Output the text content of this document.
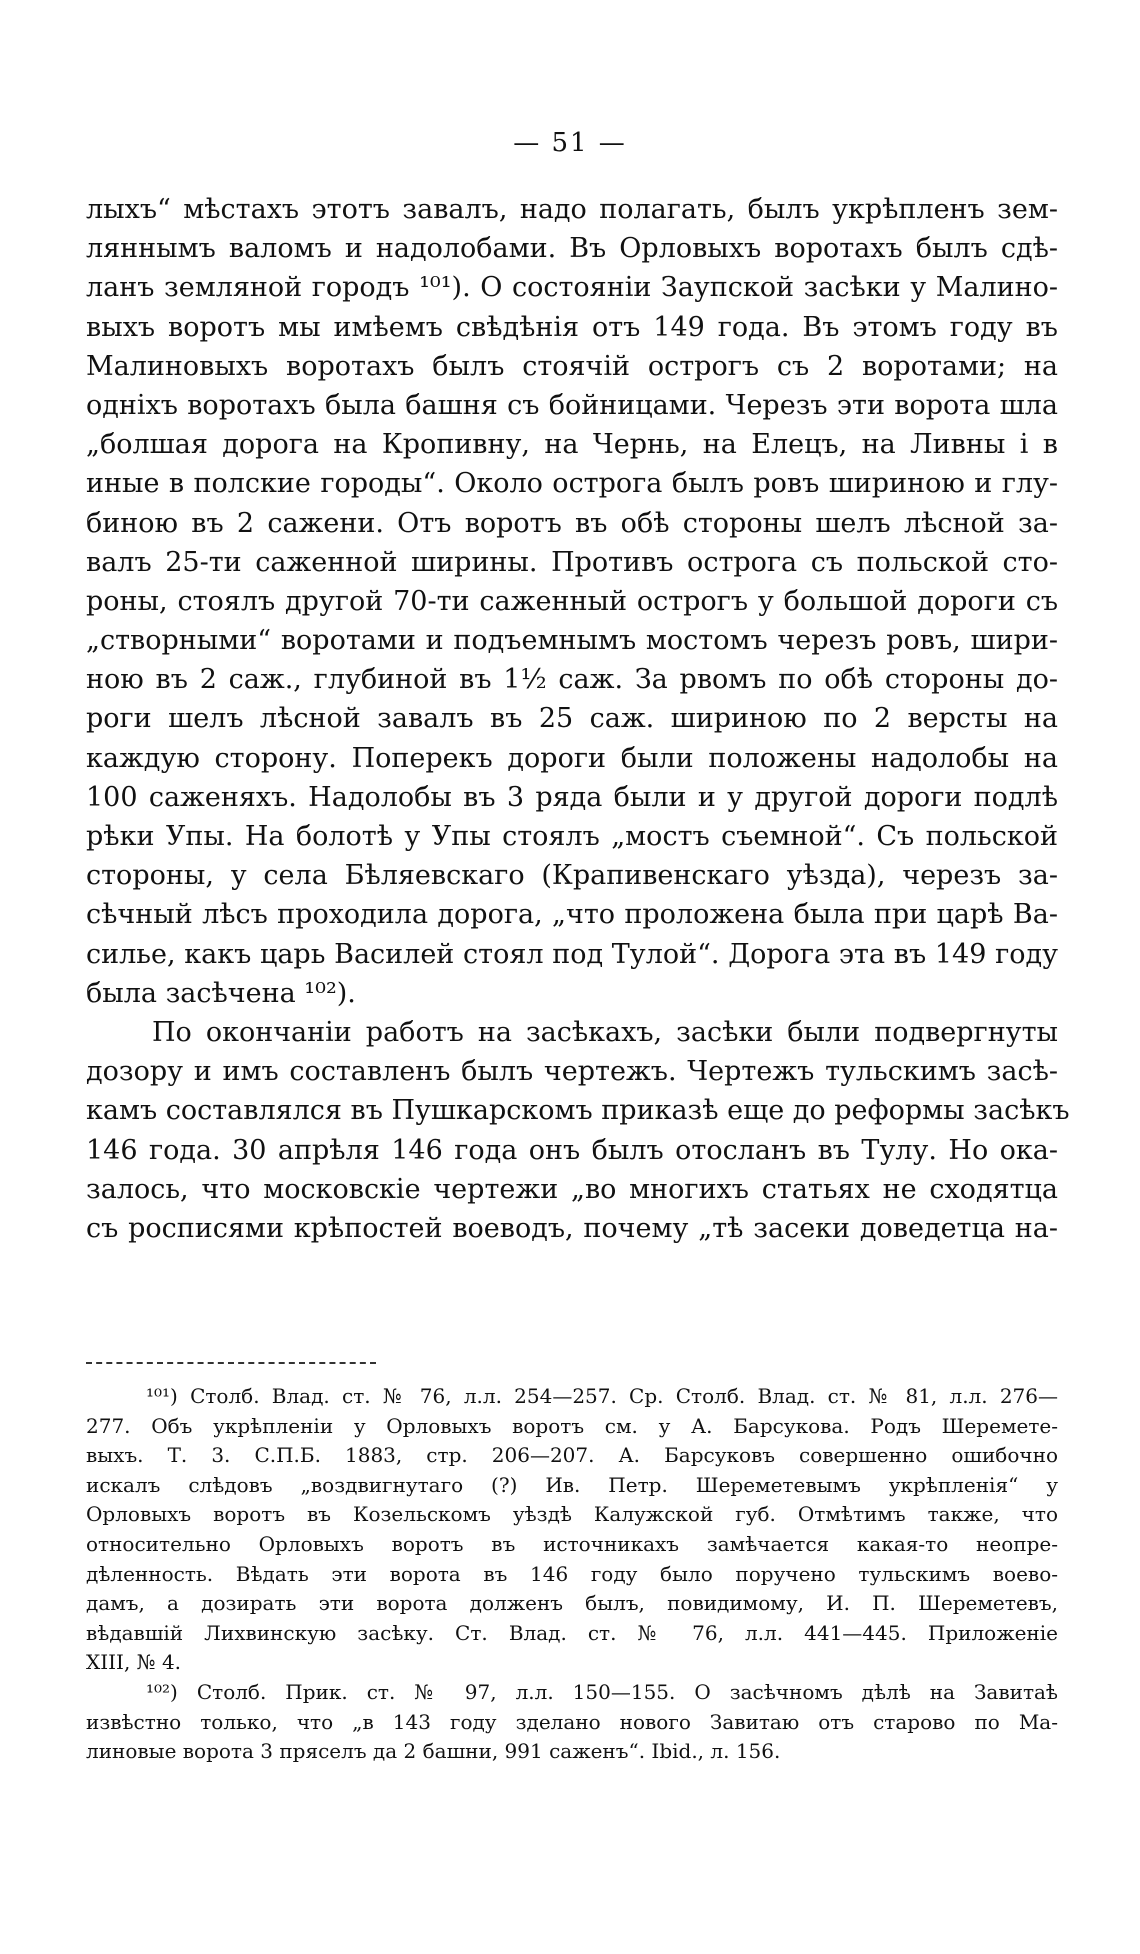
— 51 —
лыхъ“ мѣстахъ этотъ завалъ, надо полагать, былъ укрѣпленъ зем-
ляннымъ валомъ и надолобами. Въ Орловыхъ воротахъ былъ сдѣ-
ланъ земляной городъ ¹⁰¹). О состояніи Заупской засѣки у Малино-
выхъ воротъ мы имѣемъ свѣдѣнія отъ 149 года. Въ этомъ году въ
Малиновыхъ воротахъ былъ стоячій острогъ съ 2 воротами; на
одніхъ воротахъ была башня съ бойницами. Черезъ эти ворота шла
„болшая дорога на Кропивну, на Чернь, на Елецъ, на Ливны і в
иные в полские городы“. Около острога былъ ровъ шириною и глу-
биною въ 2 сажени. Отъ воротъ въ обѣ стороны шелъ лѣсной за-
валъ 25-ти саженной ширины. Противъ острога съ польской сто-
роны, стоялъ другой 70-ти саженный острогъ у большой дороги съ
„створными“ воротами и подъемнымъ мостомъ черезъ ровъ, шири-
ною въ 2 саж., глубиной въ 1½ саж. За рвомъ по обѣ стороны до-
роги шелъ лѣсной завалъ въ 25 саж. шириною по 2 версты на
каждую сторону. Поперекъ дороги были положены надолобы на
100 саженяхъ. Надолобы въ 3 ряда были и у другой дороги подлѣ
рѣки Упы. На болотѣ у Упы стоялъ „мостъ съемной“. Съ польской
стороны, у села Бѣляевскаго (Крапивенскаго уѣзда), черезъ за-
сѣчный лѣсъ проходила дорога, „что проложена была при царѣ Ва-
силье, какъ царь Василей стоял под Тулой“. Дорога эта въ 149 году
была засѣчена ¹⁰²).
По окончаніи работъ на засѣкахъ, засѣки были подвергнуты
дозору и имъ составленъ былъ чертежъ. Чертежъ тульскимъ засѣ-
камъ составлялся въ Пушкарскомъ приказѣ еще до реформы засѣкъ
146 года. 30 апрѣля 146 года онъ былъ отосланъ въ Тулу. Но ока-
залось, что московскіе чертежи „во многихъ статьях не сходятца
съ росписями крѣпостей воеводъ, почему „тѣ засеки доведетца на-
¹⁰¹) Столб. Влад. ст. № 76, л.л. 254—257. Ср. Столб. Влад. ст. № 81, л.л. 276—
277. Объ укрѣпленіи у Орловыхъ воротъ см. у А. Барсукова. Родъ Шереметe-
выхъ. Т. 3. С.П.Б. 1883, стр. 206—207. А. Барсуковъ совершенно ошибочно
искалъ слѣдовъ „воздвигнутаго (?) Ив. Петр. Шереметевымъ укрѣпленія“ у
Орловыхъ воротъ въ Козельскомъ уѣздѣ Калужской губ. Отмѣтимъ также, что
относительно Орловыхъ воротъ въ источникахъ замѣчается какая-то неопре-
дѣленность. Вѣдать эти ворота въ 146 году было поручено тульскимъ воево-
дамъ, а дозирать эти ворота долженъ былъ, повидимому, И. П. Шереметевъ,
вѣдавшій Лихвинскую засѣку. Ст. Влад. ст. № 76, л.л. 441—445. Приложеніе
XIII, № 4.
¹⁰²) Столб. Прик. ст. № 97, л.л. 150—155. О засѣчномъ дѣлѣ на Завитаѣ
извѣстно только, что „в 143 году зделано нового Завитаю отъ старово по Ма-
линовые ворота 3 пряселъ да 2 башни, 991 саженъ“. Ibid., л. 156.
